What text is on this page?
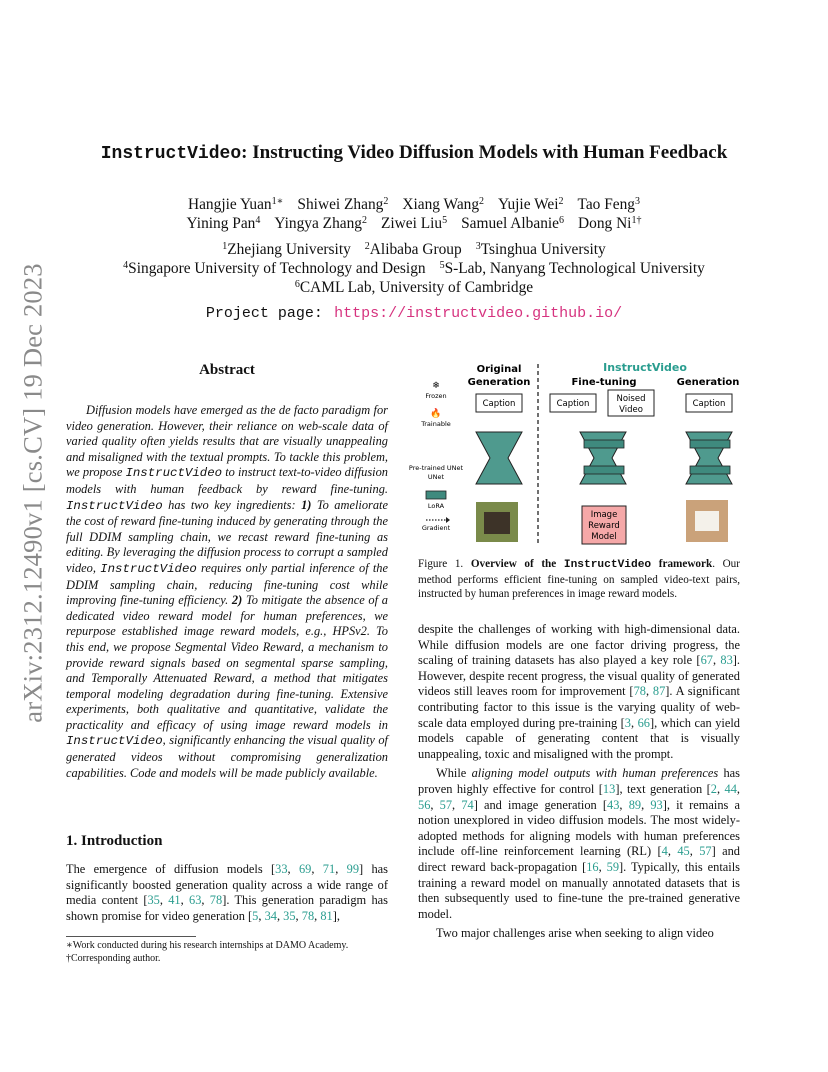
arXiv:2312.12490v1 [cs.CV] 19 Dec 2023
InstructVideo: Instructing Video Diffusion Models with Human Feedback
Hangjie Yuan$^{1∗}$ Shiwei Zhang$^2$ Xiang Wang$^2$ Yujie Wei$^2$ Tao Feng$^3$
Yining Pan$^4$ Yingya Zhang$^2$ Ziwei Liu$^5$ Samuel Albanie$^6$ Dong $Ni^{1\dagger}$
$^1$Zhejiang University $^2$Alibaba Group $^3$Tsinghua University
$^4$Singapore University of Technology and Design $^5$S-Lab, Nanyang Technological University
$^6$CAML Lab, University of Cambridge
Project page: https://instructvideo.github.io/
Abstract
Diffusion models have emerged as the de facto paradigm for video generation. However, their reliance on web-scale data of varied quality often yields results that are visually unappealing and misaligned with the textual prompts. To tackle this problem, we propose InstructVideo to instruct text-to-video diffusion models with human feedback by reward fine-tuning. InstructVideo has two key ingredients: 1) To ameliorate the cost of reward fine-tuning induced by generating through the full DDIM sampling chain, we recast reward fine-tuning as editing. By leveraging the diffusion process to corrupt a sampled video, InstructVideo requires only partial inference of the DDIM sampling chain, reducing fine-tuning cost while improving fine-tuning efficiency. 2) To mitigate the absence of a dedicated video reward model for human preferences, we repurpose established image reward models, e.g., HPSv2. To this end, we propose Segmental Video Reward, a mechanism to provide reward signals based on segmental sparse sampling, and Temporally Attenuated Reward, a method that mitigates temporal modeling degradation during fine-tuning. Extensive experiments, both qualitative and quantitative, validate the practicality and efficacy of using image reward models in InstructVideo, significantly enhancing the visual quality of generated videos without compromising generalization capabilities. Code and models will be made publicly available.
1. Introduction
The emergence of diffusion models [33, 69, 71, 99] has significantly boosted generation quality across a wide range of media content [35, 41, 63, 78]. This generation paradigm has shown promise for video generation [5, 34, 35, 78, 81],
∗Work conducted during his research internships at DAMO Academy.
†Corresponding author.
InstructVideo
Original
Generation	Fine-tuning	Generation
❄
Frozen
🔥
Trainable
Pre-trained UNet
UNet
LoRA
Gradient
Caption	Caption	Noised
Video
Image
Reward
Model
Caption
Figure 1. Overview of the InstructVideo framework. Our method performs efficient fine-tuning on sampled video-text pairs, instructed by human preferences in image reward models.

despite the challenges of working with high-dimensional data. While diffusion models are one factor driving progress, the scaling of training datasets has also played a key role [67, 83]. However, despite recent progress, the visual quality of generated videos still leaves room for improvement [78, 87]. A significant contributing factor to this issue is the varying quality of web-scale data employed during pre-training [3, 66], which can yield models capable of generating content that is visually unappealing, toxic and misaligned with the prompt.

While aligning model outputs with human preferences has proven highly effective for control [13], text generation [2, 44, 56, 57, 74] and image generation [43, 89, 93], it remains a notion unexplored in video diffusion models. The most widely-adopted methods for aligning models with human preferences include off-line reinforcement learning (RL) [4, 45, 57] and direct reward back-propagation [16, 59]. Typically, this entails training a reward model on manually annotated datasets that is then subsequently used to fine-tune the pre-trained generative model.

Two major challenges arise when seeking to align video
